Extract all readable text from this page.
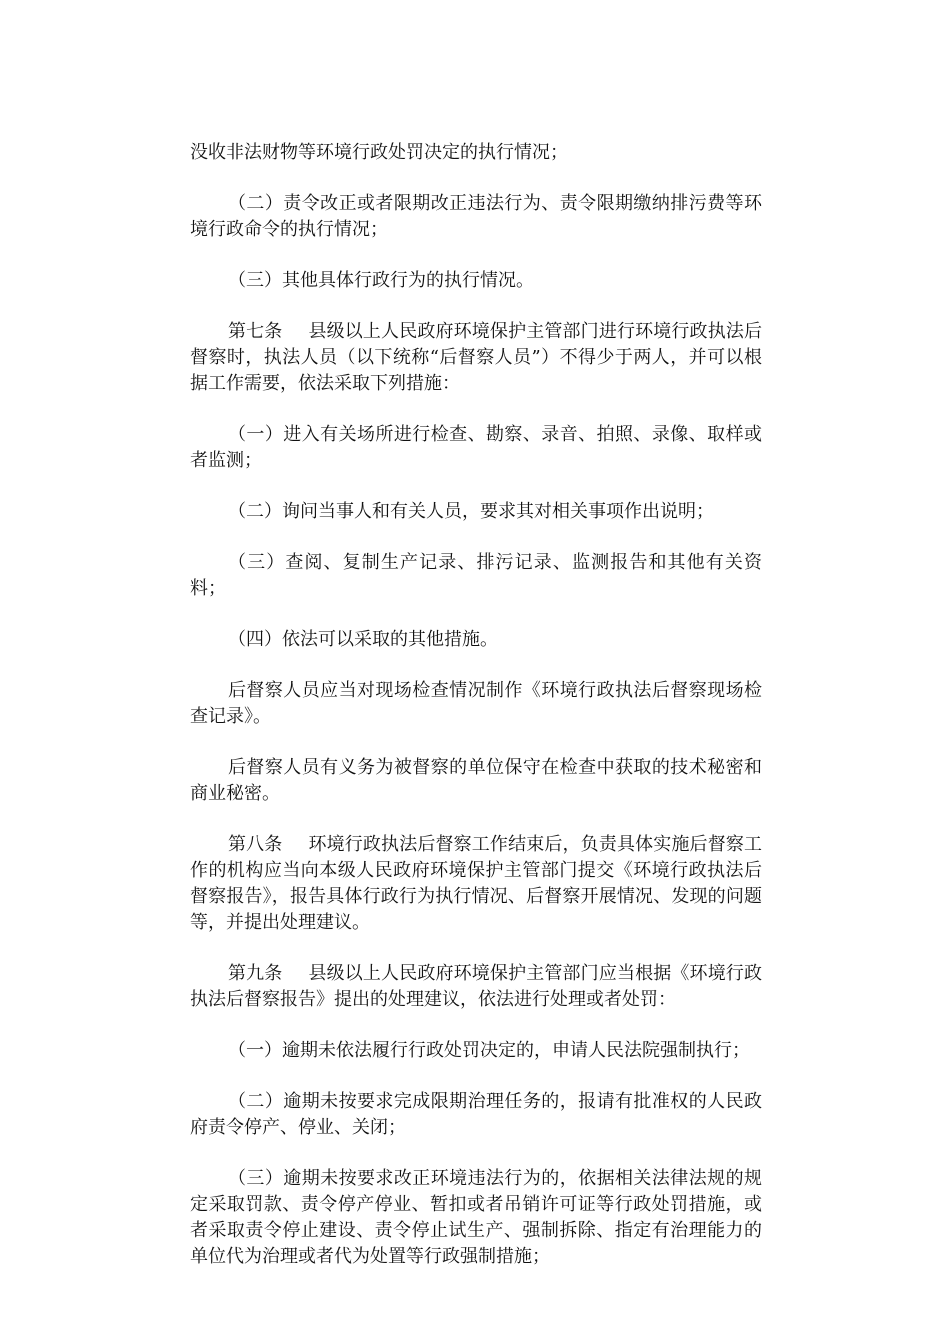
没收非法财物等环境行政处罚决定的执行情况；

（二）责令改正或者限期改正违法行为、责令限期缴纳排污费等环境行政命令的执行情况；

（三）其他具体行政行为的执行情况。

第七条 县级以上人民政府环境保护主管部门进行环境行政执法后督察时，执法人员（以下统称“后督察人员”）不得少于两人，并可以根据工作需要，依法采取下列措施：

（一）进入有关场所进行检查、勘察、录音、拍照、录像、取样或者监测；

（二）询问当事人和有关人员，要求其对相关事项作出说明；

（三）查阅、复制生产记录、排污记录、监测报告和其他有关资料；

（四）依法可以采取的其他措施。

后督察人员应当对现场检查情况制作《环境行政执法后督察现场检查记录》。

后督察人员有义务为被督察的单位保守在检查中获取的技术秘密和商业秘密。

第八条 环境行政执法后督察工作结束后，负责具体实施后督察工作的机构应当向本级人民政府环境保护主管部门提交《环境行政执法后督察报告》，报告具体行政行为执行情况、后督察开展情况、发现的问题等，并提出处理建议。

第九条 县级以上人民政府环境保护主管部门应当根据《环境行政执法后督察报告》提出的处理建议，依法进行处理或者处罚：

（一）逾期未依法履行行政处罚决定的，申请人民法院强制执行；

（二）逾期未按要求完成限期治理任务的，报请有批准权的人民政府责令停产、停业、关闭；

（三）逾期未按要求改正环境违法行为的，依据相关法律法规的规定采取罚款、责令停产停业、暂扣或者吊销许可证等行政处罚措施，或者采取责令停止建设、责令停止试生产、强制拆除、指定有治理能力的单位代为治理或者代为处置等行政强制措施；
